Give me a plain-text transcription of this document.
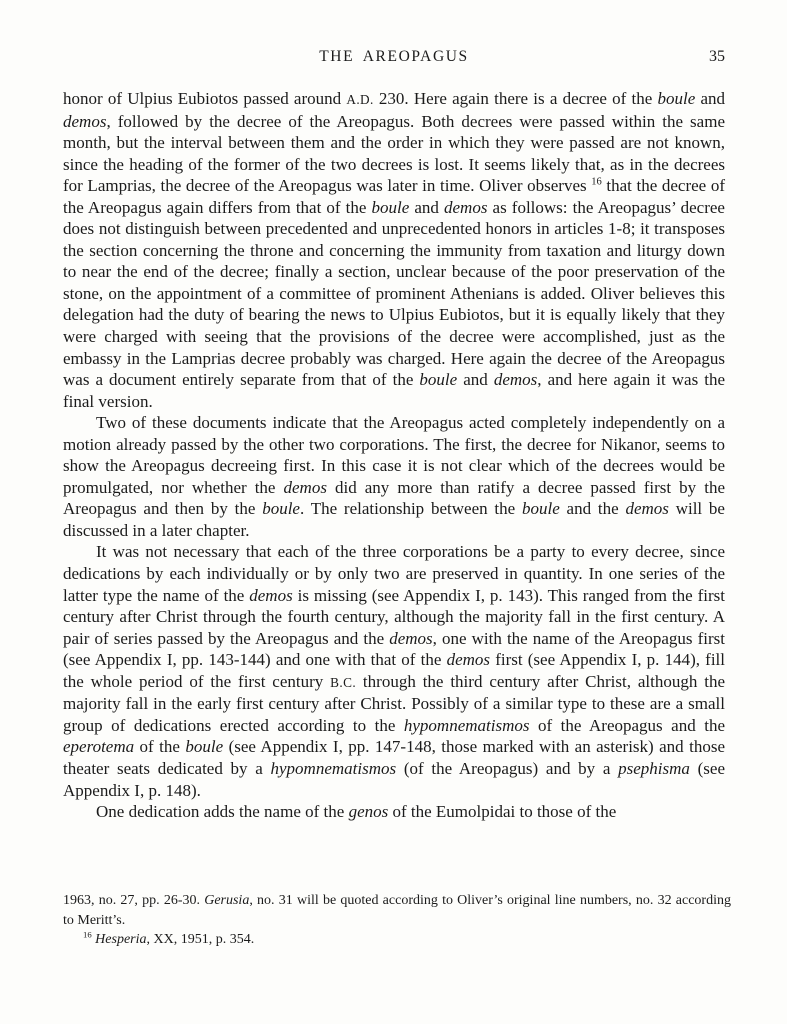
THE AREOPAGUS	35

honor of Ulpius Eubiotos passed around A.D. 230. Here again there is a decree of the boule and demos, followed by the decree of the Areopagus. Both decrees were passed within the same month, but the interval between them and the order in which they were passed are not known, since the heading of the former of the two decrees is lost. It seems likely that, as in the decrees for Lamprias, the decree of the Areopagus was later in time. Oliver observes $^{16}$ that the decree of the Areopagus again differs from that of the boule and demos as follows: the Areopagus’ decree does not distinguish between precedented and unprecedented honors in articles 1-8; it transposes the section concerning the throne and concerning the immunity from taxation and liturgy down to near the end of the decree; finally a section, unclear because of the poor preservation of the stone, on the appointment of a committee of prominent Athenians is added. Oliver believes this delegation had the duty of bearing the news to Ulpius Eubiotos, but it is equally likely that they were charged with seeing that the provisions of the decree were accomplished, just as the embassy in the Lamprias decree probably was charged. Here again the decree of the Areopagus was a document entirely separate from that of the boule and demos, and here again it was the final version.

Two of these documents indicate that the Areopagus acted completely independently on a motion already passed by the other two corporations. The first, the decree for Nikanor, seems to show the Areopagus decreeing first. In this case it is not clear which of the decrees would be promulgated, nor whether the demos did any more than ratify a decree passed first by the Areopagus and then by the boule. The relationship between the boule and the demos will be discussed in a later chapter.

It was not necessary that each of the three corporations be a party to every decree, since dedications by each individually or by only two are preserved in quantity. In one series of the latter type the name of the demos is missing (see Appendix I, p. 143). This ranged from the first century after Christ through the fourth century, although the majority fall in the first century. A pair of series passed by the Areopagus and the demos, one with the name of the Areopagus first (see Appendix I, pp. 143-144) and one with that of the demos first (see Appendix I, p. 144), fill the whole period of the first century B.C. through the third century after Christ, although the majority fall in the early first century after Christ. Possibly of a similar type to these are a small group of dedications erected according to the hypomnematismos of the Areopagus and the eperotema of the boule (see Appendix I, pp. 147-148, those marked with an asterisk) and those theater seats dedicated by a hypomnematismos (of the Areopagus) and by a psephisma (see Appendix I, p. 148).

One dedication adds the name of the genos of the Eumolpidai to those of the

1963, no. 27, pp. 26-30. Gerusia, no. 31 will be quoted according to Oliver’s original line numbers, no. 32 according to Meritt’s.

$^{16}$ Hesperia, XX, 1951, p. 354.
